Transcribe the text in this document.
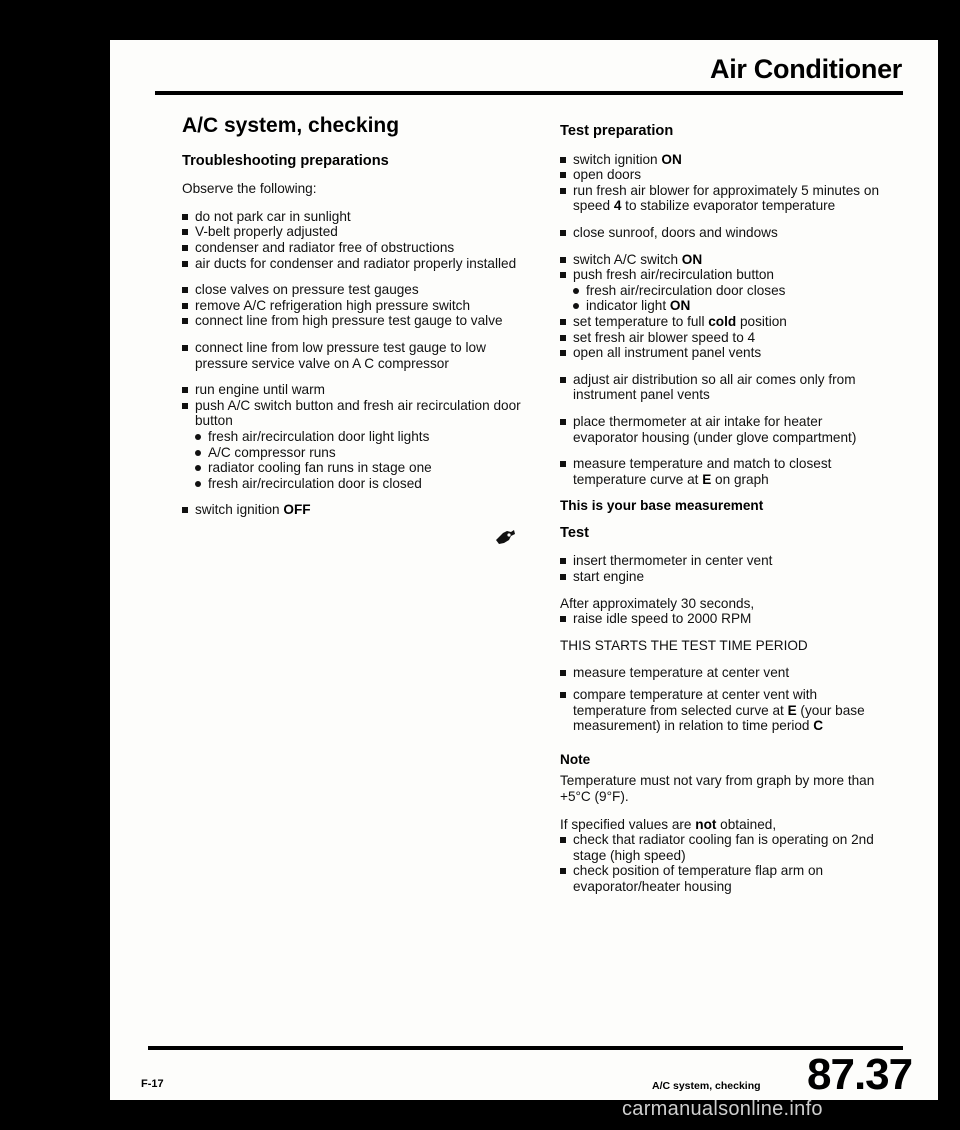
Air Conditioner
A/C system, checking
Troubleshooting preparations

Observe the following:

do not park car in sunlight
V-belt properly adjusted
condenser and radiator free of obstructions
air ducts for condenser and radiator properly installed
close valves on pressure test gauges
remove A/C refrigeration high pressure switch
connect line from high pressure test gauge to valve
connect line from low pressure test gauge to low pressure service valve on A C compressor
run engine until warm
push A/C switch button and fresh air recirculation door button
fresh air/recirculation door light lights
A/C compressor runs
radiator cooling fan runs in stage one
fresh air/recirculation door is closed
switch ignition OFF
Test preparation
switch ignition ON
open doors
run fresh air blower for approximately 5 minutes on speed 4 to stabilize evaporator temperature
close sunroof, doors and windows
switch A/C switch ON
push fresh air/recirculation button
fresh air/recirculation door closes
indicator light ON
set temperature to full cold position
set fresh air blower speed to 4
open all instrument panel vents
adjust air distribution so all air comes only from instrument panel vents
place thermometer at air intake for heater evaporator housing (under glove compartment)
measure temperature and match to closest temperature curve at E on graph

This is your base measurement

Test
insert thermometer in center vent
start engine

After approximately 30 seconds,

raise idle speed to 2000 RPM

THIS STARTS THE TEST TIME PERIOD

measure temperature at center vent
compare temperature at center vent with temperature from selected curve at E (your base measurement) in relation to time period C

Note

Temperature must not vary from graph by more than +5°C (9°F).

If specified values are not obtained,

check that radiator cooling fan is operating on 2nd stage (high speed)
check position of temperature flap arm on evaporator/heater housing
F-17	A/C system, checking 87.37
carmanualsonline.info
